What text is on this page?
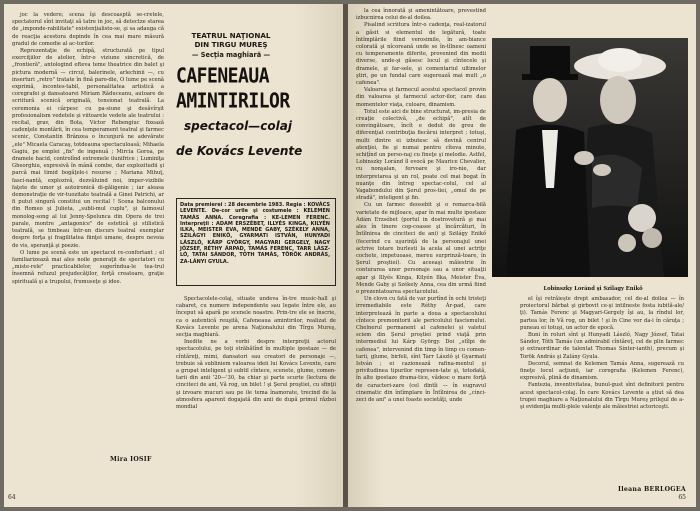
joc la vedere; scena îşi descoasptă se-cretele, spectatorul sînt invitaţi să tatre in joc, să detectze starea de „imponde-rabilitate" existenţialisto-se, şi sa adauga că de reacţia acestora depinde în cea mai mare măsură gradul de comedie al ac-torilor.

Reprezentaţie de echipă, structurată pe tipul exerciţiilor de atelier, într-o viziune sincretică, de „frontieră", antologind efteva teme theatrice din balet şi pictura modernă — circul, balerinele, arlechinii —, cu inserturi „retro" tratate în fină paro-die, O lume pe scenă exprimă, incontes-tabil, personalitatea artistică a coregrafei şi dansatoarei Miriam Răduceanu, autoare de scriitură scenică originală, tensionat teatrală. La ceremonia ei cârpesc cu pa-siune şi desăvîrşit profesionalism vedetele şi viitoarele vedete ale teatrului : recital, grav, din Bota, Victor Rebengiuc fixează cadenţele montării, în cea temperament teatral şi farmec scenic, Constantin Brânzea o încunjură ne adevărate „ele" Micaela Caracaş, totdeauna spectaculoasă; Mihaela Gagiu, pe emplei „fix" de ingenuă ; Mircia Goroa, pe dramele bacid, controlînd extremele ilunifrice ; Luminiţa Gheorghiu, expresivă în mână combe, dar explozitudii şi parcă mai timid bogăţele-i resurse ; Mariana Mihuţ, fasci-nantă, explozivă, dezvăluind noi, imper-vizibile faţete de umor şi autoironică di-găligenie ; iar aleasa demonstraţie de vir-tuozitate teatrală a Ginei Patrichi, ar fi putut singură constitui un recital ! Scena balconului din Romeo şi Julieta, „subli-mul cuplu", şi faimosul monolog-song al lui Jenny-Spelunca din Opera de trei parale, montre „antagonice" de estetică şi stilistică teatrală, se timbeau într-un discurs teatral exemplar despre forţa şi fragilitatea fiinţei umane, despre nevoia de vis, speranţă şi poezie.

O lume pe scenă este un spectacol re-confortant ; el familiarizează mai ales noile generaţii de spectatori cu „miste-rele" practicabilelor, sugerîndua-le tea-trul însemnă refuzul prejudecăţilor, forţă creatoare, graţie spirituală şi a trupului, frumuseţe şi idee.

Mira IOSIF
TEATRUL NAŢIONAL
DIN TIRGU MUREŞ
— Secţia maghiară —
CAFENEAUA
AMINTIRILOR
spectacol—colaj
de Kovács Levente
Data premierei : 28 decembrie 1983. Regia : KOVÁCS LEVENTE. De-cor urile şi costumele : KELEMEN TAMÁS ANNA. Coregrafia : KE-LEMEN FERENC. Interpreţii : ADAM ERSZÉBET, ILLYÉS KINGA, KILYÉN ILKA, MEISTER EVA, MENDE GABY, SZÉKELY ANNA, SZILÁGYI ENIKŐ, GYARMATI ISTVÁN, HUNYADI LÁSZLÓ, KÁRP GYÖRGY, MAGYARI GERGELY, NAGY JÓZSEF, RÉTHY ÁRPAD, TAMÁS FERENC, TARR LÁSZ-LÓ, TATAI SÁNDOR, TÓTH TAMÁS, TÖRÖK ANDRÁS, ZA-LÁNYI GYULA.

Spectacolele-colaj, situate undeva în-tre music-hall şi cabaret, cu numere independente sau legate între ele, au început să apară pe scenele noastre. Prin-tre ele se înscrie, ca o autentică reuşită, Cafeneaua amintirilor, realizat de Kovács Levente pe arena Naţionalului din Tîrgu Mureş, secţia maghiară.

Inedite ne a vorbi despre interpreţii actorul spectacolului, pe toţi străbătînd în multiple ipostaze — de cîntăreţi, mimi, dansatori sau creatori de personaje —, trebuie să subliniem valoarea ideii lui Kovács Levente, care a grupat inteligent şi subtil cîntece, scenete, glume, comen-tarii din anii '20—'30, ba chiar şi parte scurte (lectura de cinciteci de ani, Vă rog, un bilet ! şi Şerul proştiei, cu sfinţii şi izvoare mucuri sau pe ile tema înamorate, trecind de la atmosfera aparent dogajată din anii de după primul război mondial

64

la cea înnorată şi amenintătoare, prevestind izbucnirea celui de-al doilea.

Pisalind scriitura într-o cadenţa, real-izatorul a găsit si elementul de legătură, toate întîmplările fiind verosimile, în am-biance colorată şi nîcoreană unde se în-tîlnesc oameni cu temperamente diferite, provenind din medii diverse, unde-şi găsesc locul şi cîntecele şi dramele, şi far-sele, şi comentariul ultimelor ştiri, pe un fundal care sugerează mai mult „o cafenea".

Valoarea şi farmecul acestui spectacol provin din valoarea şi farmecul actor-ilor, care dau momentelor viaţa, culoare, dinamism.

Totul este aici de bine structurat, im-presia de creaţie colectivă, „de echipă", atît de convingătoare, încît e dedut de greu de diferenţiat contribuţia fiecărui interpret ; totuşi, multi dintre ei izbutesc să devină centrul atenţiei, fie şi numai pentru cîteva minute, schiţînd un perso-naj cu fineţe şi melodie. Astfel, Lobinszky Loránd îl evocă pe Maurice Chevalier, cu nonşalan, fervoare şi iro-nie, dar interpretarea şi un rol, poate cel mai bogat în nuanţe din întreg spectac-colul, cel al Vagabondului din Şerul pros-tiei, „omul de pe stradă", inteligent şi fin.

Cu un farmec deosebit şi o remarca-bilă varietate de mijloace, apar în mai multe ipostaze Ádám Erzsébet (portul in dostrovetură şi mai ales în tinere cop-coasee şi încărcături, în Întîlnirea de cinciteci de ani) şi Szilágy Enikő (fecerind cu uşurinţă de la personajul unei actrive totare burlesti la acela al unei actriţe cochete, impetuoase, mereu surprinză-toare, în Şerul proştiei). Cu aceeaşi măiestrie în conturarea unor personaje sau a unor situaţii apar şi Illyés Kinga, Kilyén Ilka, Meister Éva, Mende Gaby şi Székely Anna, cea din urmă fiind o prezentatoarea spectacolului.

Un clovn cu fată de var purtînd în ochi tristeţi irremediabile este Réthy Ár-pad, care interpretează în parte a doua a spectacolului cîntece premonitorii ale pericolului fascismului. Chelnerul permanent al cafenelei și valetul sciem din Șerul proştiei prind viaţă prin intermediul lui Kárp György. Doi „stîlpi de cafenea", intervenind din timp în timp cu comen-tarii, glume, birfeli, sînt Tarr László şi Gyarmati István ; ei cazionează rafina-mentul şi privitudinea tipurilor represen-tate şi, totodată, în alte ipostaze drama-tice, vădesc o mare forţă de caracteri-zare (cel dintîi — în eugravul cinematic din întîmplare în Întîlnirea de „cinci-zeci de ani" a unei foaste societăţi, unde

Lobinszky Loránd şi Szilagy Enikő

el îşi retrăiește drept ambasador, cel de-al doilea — în proiectorul bărbat şi girbovit ce-şi intilneste fosta iubită-ale/ţi). Tamás Ferenc şi Magyari-Gergely îşi au, la rîndul lor, partea lor, în Vă rog, un bilet ! şi în Cine vor da-i în căruţa ; puneau ei totuşi, un actor de epocă.

Buni în roluri sînt şi Hunyadi László, Nagy József, Tatai Sándor, Tóth Tamás (un admirabil cîntăreţ, cel de plin farmec şi extraordinar de talentat Thomas Sinter-ianth), precum şi Torök András şi Zalány Gyula.

Decorul, semnat de Kelemen Tamás Anna, sugerează cu fineţe locul acţiunii, iar coregrafia (Kelemen Ferenc), expresivă, plină de dinamism.

Fantezia, inventivitatea, bunul-gust sînt definitorii pentru acest spectacol-colaj. În care Kovács Levente a ştiut să dea trupei maghiare a Naţionalului din Tîrgu Mureş prilejul de a-şi evidenţia multi-plele valenţe ale măiestriei actoriceşti.

Ileana BERLOGEA
65
